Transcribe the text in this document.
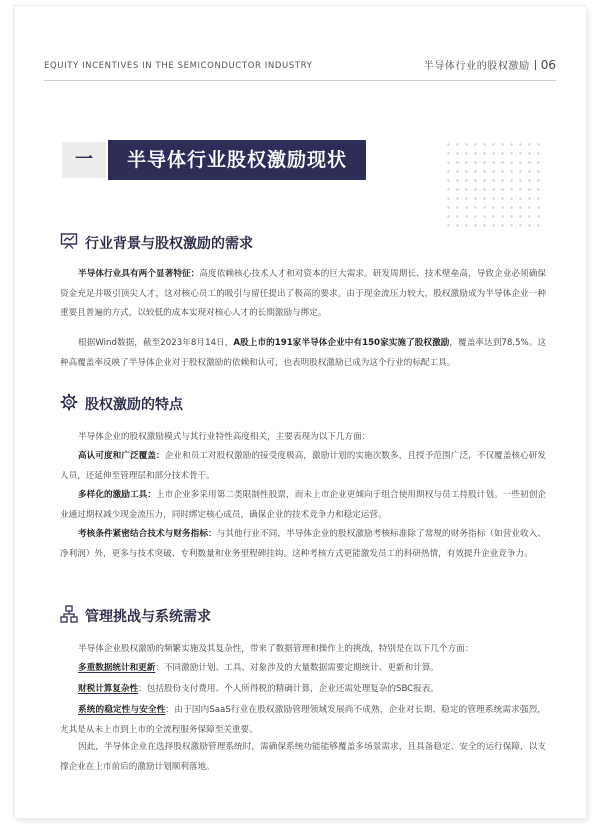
EQUITY INCENTIVES IN THE SEMICONDUCTOR INDUSTRY	半导体行业的股权激励 06
一	半导体行业股权激励现状
行业背景与股权激励的需求
半导体行业具有两个显著特征：高度依赖核心技术人才和对资本的巨大需求。研发周期长、技术壁垒高，导致企业必须确保资金充足并吸引顶尖人才，这对核心员工的吸引与留任提出了极高的要求。由于现金流压力较大，股权激励成为半导体企业一种重要且普遍的方式，以较低的成本实现对核心人才的长期激励与绑定。
根据Wind数据，截至2023年8月14日，A股上市的191家半导体企业中有150家实施了股权激励，覆盖率达到78.5%。这种高覆盖率反映了半导体企业对于股权激励的依赖和认可，也表明股权激励已成为这个行业的标配工具。
股权激励的特点
半导体企业的股权激励模式与其行业特性高度相关，主要表现为以下几方面：
高认可度和广泛覆盖：企业和员工对股权激励的接受度极高，激励计划的实施次数多，且授予范围广泛，不仅覆盖核心研发人员，还延伸至管理层和部分技术骨干。
多样化的激励工具：上市企业多采用第二类限制性股票，而未上市企业更倾向于组合使用期权与员工持股计划。一些初创企业通过期权减少现金流压力，同时绑定核心成员，确保企业的技术竞争力和稳定运营。
考核条件紧密结合技术与财务指标：与其他行业不同，半导体企业的股权激励考核标准除了常规的财务指标（如营业收入、净利润）外，更多与技术突破、专利数量和业务里程碑挂钩。这种考核方式更能激发员工的科研热情，有效提升企业竞争力。
管理挑战与系统需求
半导体企业股权激励的频繁实施及其复杂性，带来了数据管理和操作上的挑战，特别是在以下几个方面：
多重数据统计和更新：不同激励计划、工具、对象涉及的大量数据需要定期统计、更新和计算。
财税计算复杂性：包括股份支付费用、个人所得税的精确计算，企业还需处理复杂的SBC报表。
系统的稳定性与安全性：由于国内SaaS行业在股权激励管理领域发展尚不成熟，企业对长期、稳定的管理系统需求强烈，尤其是从未上市到上市的全流程服务保障至关重要。
因此，半导体企业在选择股权激励管理系统时，需确保系统功能能够覆盖多场景需求，且具备稳定、安全的运行保障，以支撑企业在上市前后的激励计划顺利落地。
